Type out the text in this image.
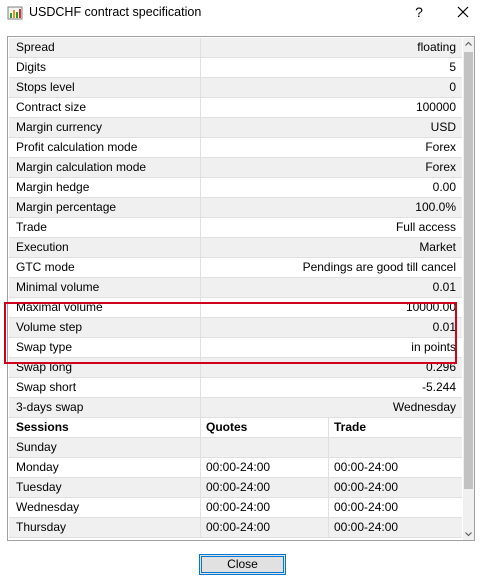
USDCHF contract specification	?
Spread	floating
Digits	5
Stops level	0
Contract size	100000
Margin currency	USD
Profit calculation mode	Forex
Margin calculation mode	Forex
Margin hedge	0.00
Margin percentage	100.0%
Trade	Full access
Execution	Market
GTC mode	Pendings are good till cancel
Minimal volume	0.01
Maximal volume	10000.00
Volume step	0.01
Swap type	in points
Swap long	0.296
Swap short	-5.244
3-days swap	Wednesday
Sessions	Quotes	Trade
Sunday
Monday	00:00-24:00	00:00-24:00
Tuesday	00:00-24:00	00:00-24:00
Wednesday	00:00-24:00	00:00-24:00
Thursday	00:00-24:00	00:00-24:00
Close
